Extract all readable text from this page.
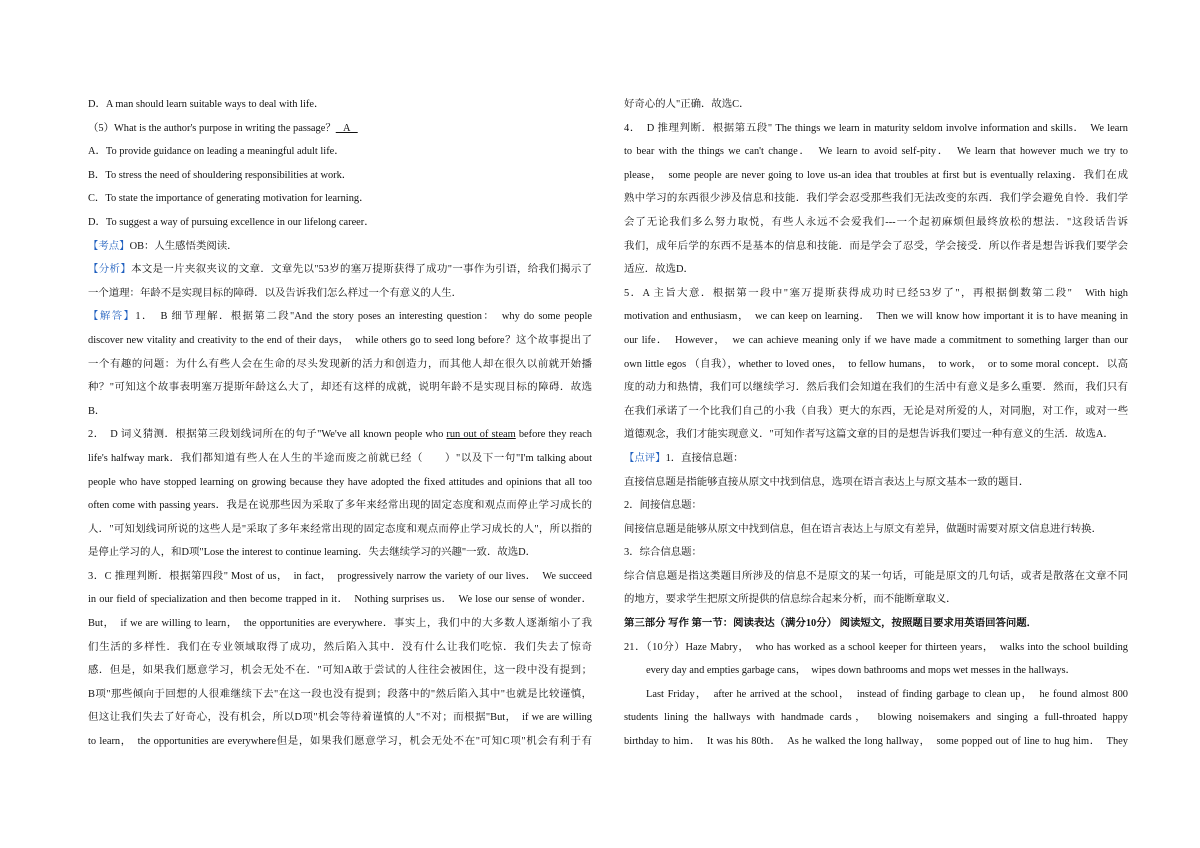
D．A man should learn suitable ways to deal with life．
（5）What is the author's purpose in writing the passage？   A
A．To provide guidance on leading a meaningful adult life．
B．To stress the need of shouldering responsibilities at work．
C．To state the importance of generating motivation for learning．
D．To suggest a way of pursuing excellence in our lifelong career．
【考点】OB：人生感悟类阅读．
【分析】本文是一片夹叙夹议的文章．文章先以"53岁的塞万提斯获得了成功"一事作为引语，给我们揭示了
一个道理：年龄不是实现目标的障碍．以及告诉我们怎么样过一个有意义的人生．
【解答】1．　B 细节理解．根据第二段"And the story poses an interesting question：　why do some people
discover new vitality and creativity to the end of their days，　while others go to seed long before？这个故事提出了
一个有趣的问题：为什么有些人会在生命的尽头发现新的活力和创造力，而其他人却在很久以前就开始播
种？"可知这个故事表明塞万提斯年龄这么大了，却还有这样的成就，说明年龄不是实现目标的障碍．故选
B．
2．　D 词义猜测．根据第三段划线词所在的句子"We've all known people who run out of steam before they reach
life's halfway mark．我们都知道有些人在人生的半途而废之前就已经（　　）"以及下一句"I'm talking about
people who have stopped learning on growing because they have adopted the fixed attitudes and opinions that all too
often come with passing years．我是在说那些因为采取了多年来经常出现的固定态度和观点而停止学习成长的
人．"可知划线词所说的这些人是"采取了多年来经常出现的固定态度和观点而停止学习成长的人"，所以指的
是停止学习的人，和D项"Lose the interest to continue learning．失去继续学习的兴趣"一致．故选D．
3．C 推理判断．根据第四段" Most of us，　in fact，　progressively narrow the variety of our lives．　We succeed
in our field of specialization and then become trapped in it．　Nothing surprises us．　We lose our sense of wonder．
But，　if we are willing to learn，　the opportunities are everywhere．事实上，我们中的大多数人逐渐缩小了我
们生活的多样性．我们在专业领域取得了成功，然后陷入其中．没有什么让我们吃惊．我们失去了惊奇
感．但是，如果我们愿意学习，机会无处不在．"可知A敢于尝试的人往往会被困住，这一段中没有提到；
B项"那些倾向于回想的人很难继续下去"在这一段也没有提到；段落中的"然后陷入其中"也就是比较谨慎，
但这让我们失去了好奇心，没有机会，所以D项"机会等待着谨慎的人"不对；而根据"But，　if we are willing
to learn，　the opportunities are everywhere但是，如果我们愿意学习，机会无处不在"可知C项"机会有利于有
好奇心的人"正确．故选C．
4．　D 推理判断．根据第五段" The things we learn in maturity seldom involve information and skills．　We learn
to bear with the things we can't change．　We learn to avoid self‑pity．　We learn that however much we try to
please，　some people are never going to love us‑an idea that troubles at first but is eventually relaxing．我们在成
熟中学习的东西很少涉及信息和技能．我们学会忍受那些我们无法改变的东西．我们学会避免自怜．我们学
会了无论我们多么努力取悦，有些人永远不会爱我们‑‑‑一个起初麻烦但最终放松的想法．"这段话告诉
我们，成年后学的东西不是基本的信息和技能．而是学会了忍受，学会接受．所以作者是想告诉我们要学会
适应．故选D．
5．A 主旨大意．根据第一段中"塞万提斯获得成功时已经53岁了"，再根据倒数第二段"　With high
motivation and enthusiasm，　we can keep on learning．　Then we will know how important it is to have meaning in
our life．　However，　we can achieve meaning only if we have made a commitment to something larger than our
own little egos （自我），whether to loved ones，　to fellow humans，　to work，　or to some moral concept．以高
度的动力和热情，我们可以继续学习．然后我们会知道在我们的生活中有意义是多么重要．然而，我们只有
在我们承诺了一个比我们自己的小我（自我）更大的东西，无论是对所爱的人，对同胞，对工作，或对一些
道德观念，我们才能实现意义．"可知作者写这篇文章的目的是想告诉我们要过一种有意义的生活．故选A．
【点评】1．直接信息题：
直接信息题是指能够直接从原文中找到信息，选项在语言表达上与原文基本一致的题目．
2．间接信息题：
间接信息题是能够从原文中找到信息，但在语言表达上与原文有差异，做题时需要对原文信息进行转换．
3．综合信息题：
综合信息题是指这类题目所涉及的信息不是原文的某一句话，可能是原文的几句话，或者是散落在文章不同
的地方，要求学生把原文所提供的信息综合起来分析，而不能断章取义．
第三部分 写作 第一节：阅读表达（满分10分） 阅读短文，按照题目要求用英语回答问题．
21．（10分）Haze Mabry，　who has worked as a school keeper for thirteen years，　walks into the school building
every day and empties garbage cans，　wipes down bathrooms and mops wet messes in the hallways．
Last Friday，　after he arrived at the school，　instead of finding garbage to clean up，　he found almost 800
students lining the hallways with handmade cards，　blowing noisemakers and singing a full‑throated happy
birthday to him．　It was his 80th．　As he walked the long hallway，　some popped out of line to hug him．　They
